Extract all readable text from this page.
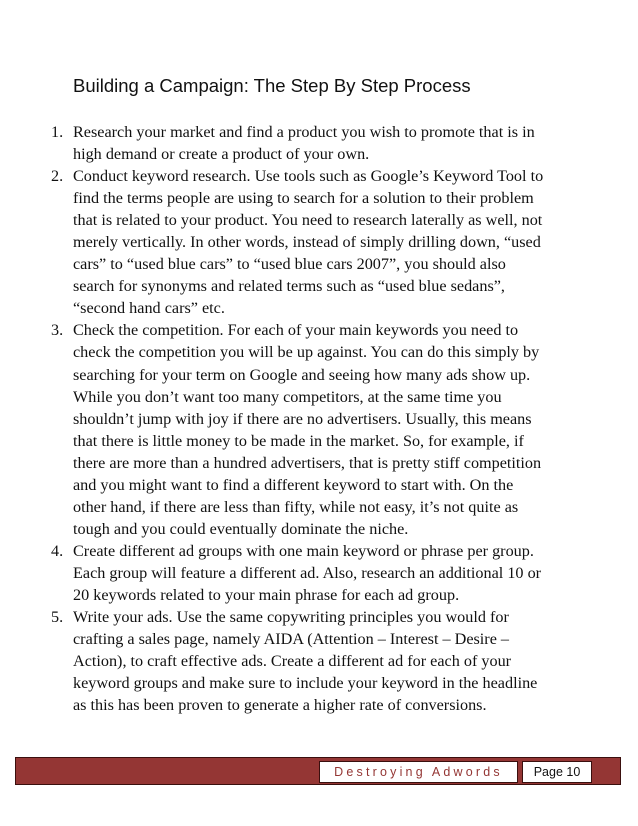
Building a Campaign: The Step By Step Process
1. Research your market and find a product you wish to promote that is in
high demand or create a product of your own.
2. Conduct keyword research. Use tools such as Google’s Keyword Tool to
find the terms people are using to search for a solution to their problem
that is related to your product. You need to research laterally as well, not
merely vertically. In other words, instead of simply drilling down, “used
cars” to “used blue cars” to “used blue cars 2007”, you should also
search for synonyms and related terms such as “used blue sedans”,
“second hand cars” etc.
3. Check the competition. For each of your main keywords you need to
check the competition you will be up against. You can do this simply by
searching for your term on Google and seeing how many ads show up.
While you don’t want too many competitors, at the same time you
shouldn’t jump with joy if there are no advertisers. Usually, this means
that there is little money to be made in the market. So, for example, if
there are more than a hundred advertisers, that is pretty stiff competition
and you might want to find a different keyword to start with. On the
other hand, if there are less than fifty, while not easy, it’s not quite as
tough and you could eventually dominate the niche.
4. Create different ad groups with one main keyword or phrase per group.
Each group will feature a different ad. Also, research an additional 10 or
20 keywords related to your main phrase for each ad group.
5. Write your ads. Use the same copywriting principles you would for
crafting a sales page, namely AIDA (Attention – Interest – Desire –
Action), to craft effective ads. Create a different ad for each of your
keyword groups and make sure to include your keyword in the headline
as this has been proven to generate a higher rate of conversions.
Destroying Adwords	Page 10
